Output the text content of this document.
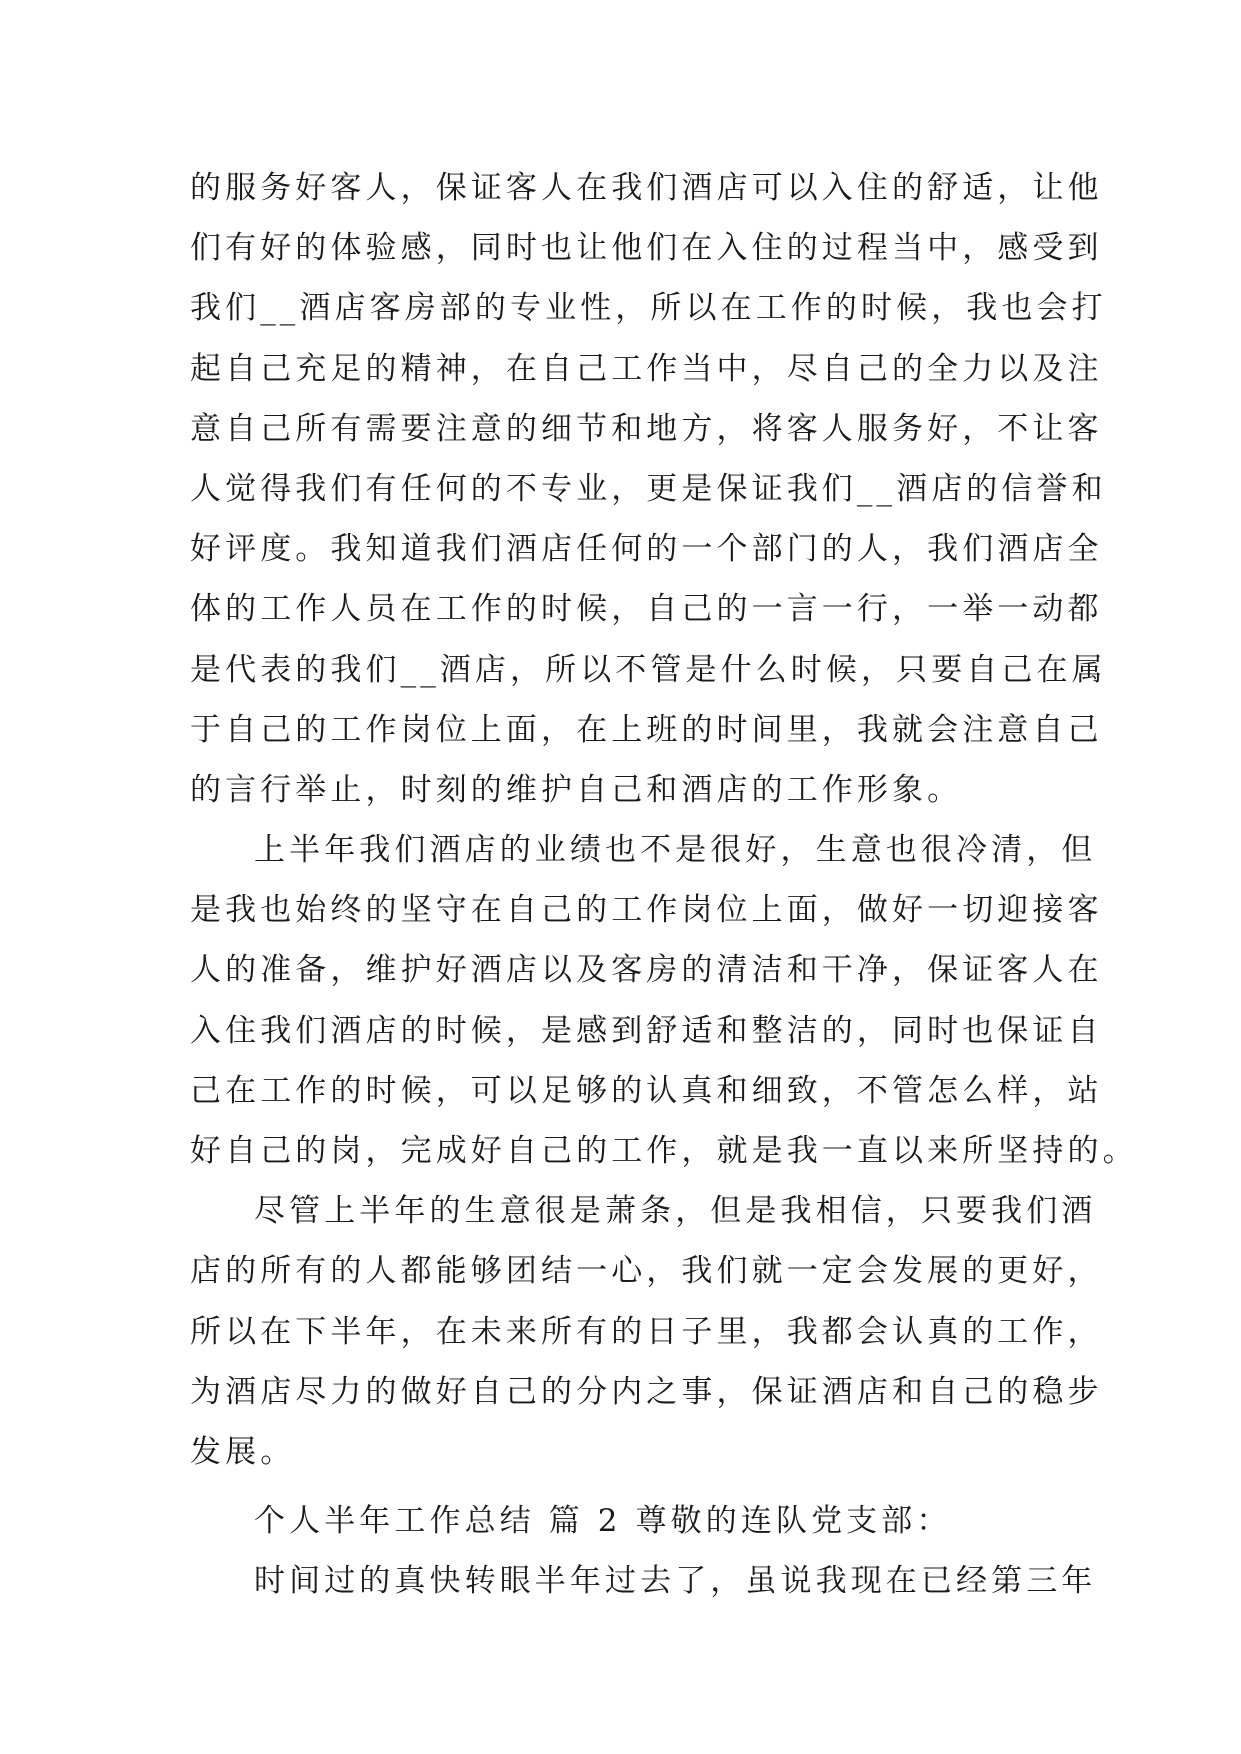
的服务好客人，保证客人在我们酒店可以入住的舒适，让他
们有好的体验感，同时也让他们在入住的过程当中，感受到
我们__酒店客房部的专业性，所以在工作的时候，我也会打
起自己充足的精神，在自己工作当中，尽自己的全力以及注
意自己所有需要注意的细节和地方，将客人服务好，不让客
人觉得我们有任何的不专业，更是保证我们__酒店的信誉和
好评度。我知道我们酒店任何的一个部门的人，我们酒店全
体的工作人员在工作的时候，自己的一言一行，一举一动都
是代表的我们__酒店，所以不管是什么时候，只要自己在属
于自己的工作岗位上面，在上班的时间里，我就会注意自己
的言行举止，时刻的维护自己和酒店的工作形象。
上半年我们酒店的业绩也不是很好，生意也很冷清，但
是我也始终的坚守在自己的工作岗位上面，做好一切迎接客
人的准备，维护好酒店以及客房的清洁和干净，保证客人在
入住我们酒店的时候，是感到舒适和整洁的，同时也保证自
己在工作的时候，可以足够的认真和细致，不管怎么样，站
好自己的岗，完成好自己的工作，就是我一直以来所坚持的。
尽管上半年的生意很是萧条，但是我相信，只要我们酒
店的所有的人都能够团结一心，我们就一定会发展的更好，
所以在下半年，在未来所有的日子里，我都会认真的工作，
为酒店尽力的做好自己的分内之事，保证酒店和自己的稳步
发展。
个人半年工作总结 篇 2 尊敬的连队党支部：
时间过的真快转眼半年过去了，虽说我现在已经第三年
